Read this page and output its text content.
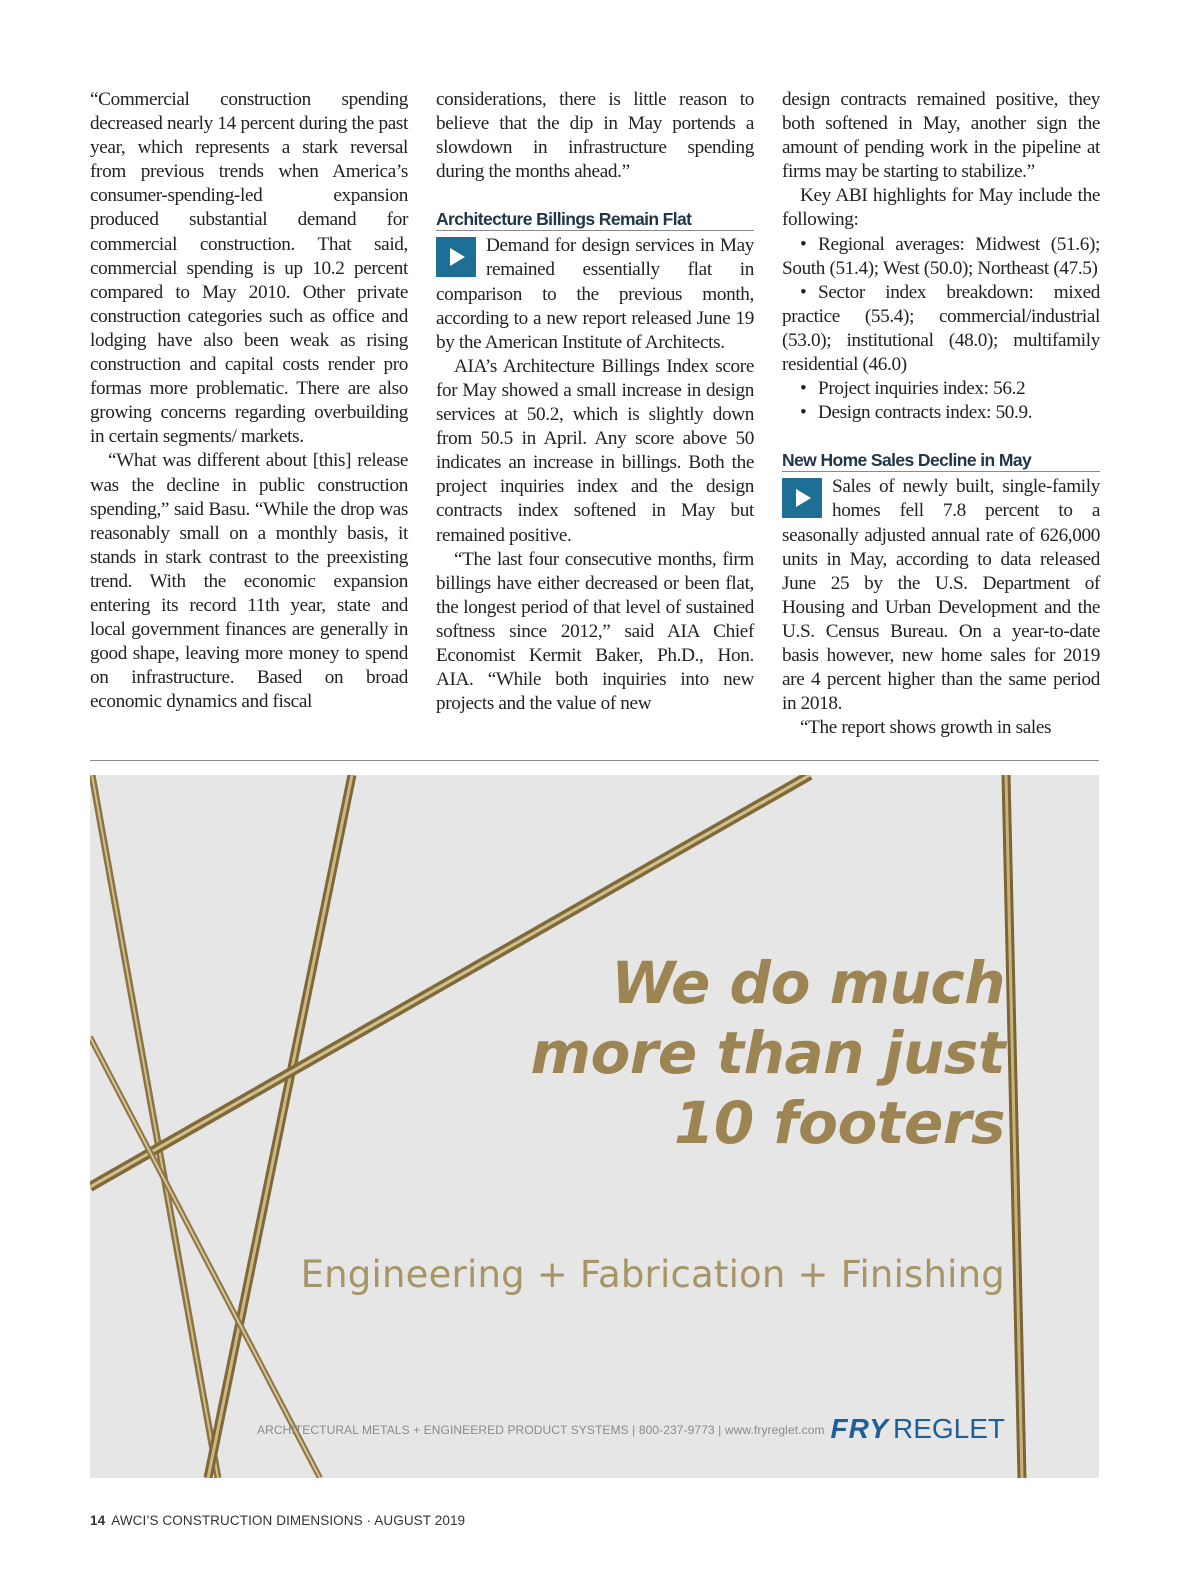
“Commercial construction spending decreased nearly 14 percent during the past year, which represents a stark reversal from previous trends when America’s consumer-spending-led expansion produced substantial demand for commercial construction. That said, commercial spending is up 10.2 percent compared to May 2010. Other private construction categories such as office and lodging have also been weak as rising construction and capital costs render pro formas more problematic. There are also growing concerns regarding overbuilding in certain segments/ markets.

“What was different about [this] release was the decline in public construction spending,” said Basu. “While the drop was reasonably small on a monthly basis, it stands in stark contrast to the preexisting trend. With the economic expansion entering its record 11th year, state and local government finances are generally in good shape, leaving more money to spend on infrastructure. Based on broad economic dynamics and fiscal

considerations, there is little reason to believe that the dip in May portends a slowdown in infrastructure spending during the months ahead.”

Architecture Billings Remain Flat

Demand for design services in May remained essentially flat in comparison to the previous month, according to a new report released June 19 by the American Institute of Architects.

AIA’s Architecture Billings Index score for May showed a small increase in design services at 50.2, which is slightly down from 50.5 in April. Any score above 50 indicates an increase in billings. Both the project inquiries index and the design contracts index softened in May but remained positive.

“The last four consecutive months, firm billings have either decreased or been flat, the longest period of that level of sustained softness since 2012,” said AIA Chief Economist Kermit Baker, Ph.D., Hon. AIA. “While both inquiries into new projects and the value of new

design contracts remained positive, they both softened in May, another sign the amount of pending work in the pipeline at firms may be starting to stabilize.”

Key ABI highlights for May include the following:

• Regional averages: Midwest (51.6); South (51.4); West (50.0); Northeast (47.5)

• Sector index breakdown: mixed practice (55.4); commercial/industrial (53.0); institutional (48.0); multifamily residential (46.0)

• Project inquiries index: 56.2

• Design contracts index: 50.9.

New Home Sales Decline in May

Sales of newly built, single-family homes fell 7.8 percent to a seasonally adjusted annual rate of 626,000 units in May, according to data released June 25 by the U.S. Department of Housing and Urban Development and the U.S. Census Bureau. On a year-to-date basis however, new home sales for 2019 are 4 percent higher than the same period in 2018.

“The report shows growth in sales

We do much
more than just
10 footers
Engineering + Fabrication + Finishing
ARCHITECTURAL METALS + ENGINEERED PRODUCT SYSTEMS | 800-237-9773 | www.fryreglet.com FRY REGLET
14 AWCI’S CONSTRUCTION DIMENSIONS · AUGUST 2019
